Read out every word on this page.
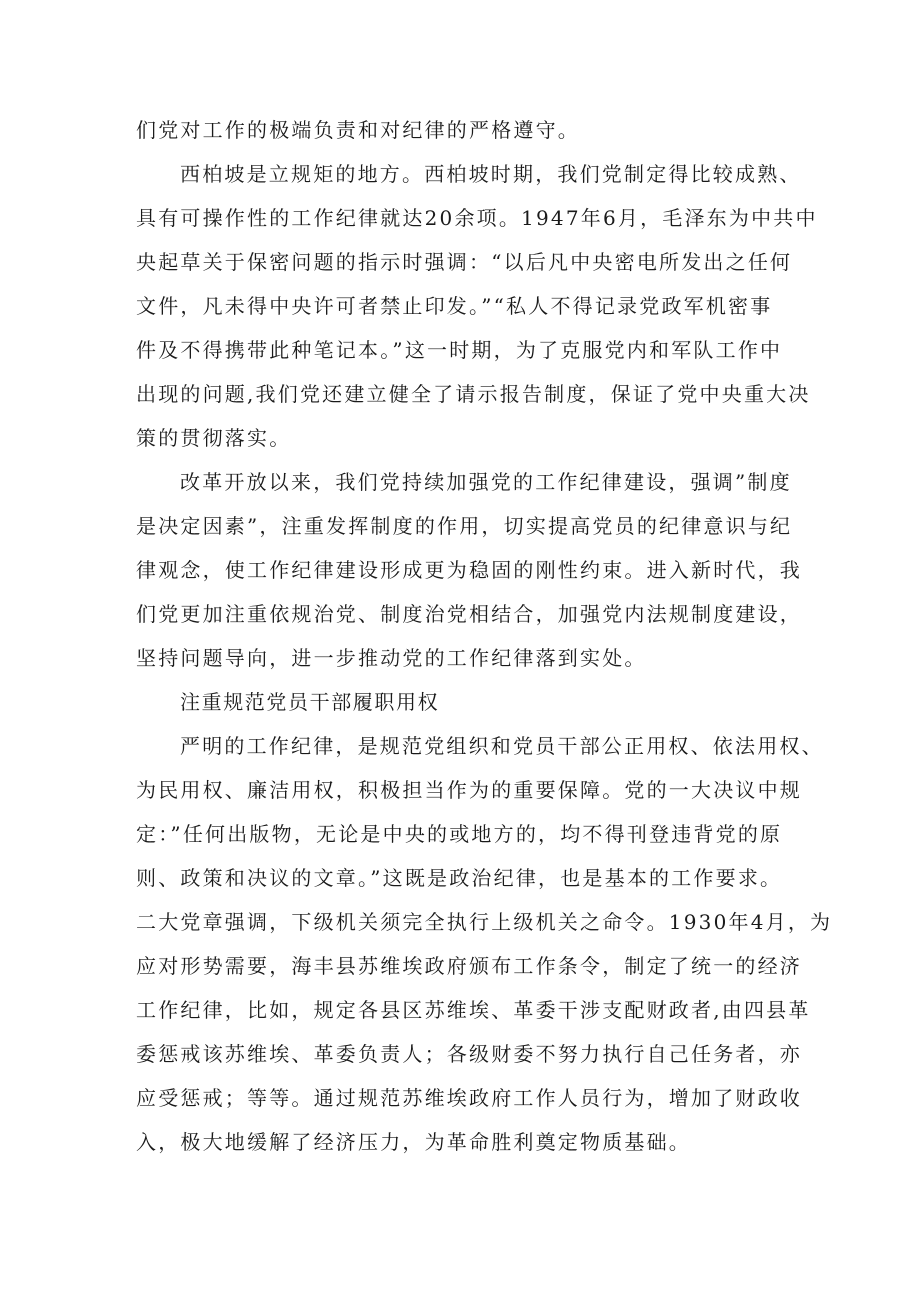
们党对工作的极端负责和对纪律的严格遵守。

西柏坡是立规矩的地方。西柏坡时期，我们党制定得比较成熟、

具有可操作性的工作纪律就达20余项。1947年6月，毛泽东为中共中

央起草关于保密问题的指示时强调：“以后凡中央密电所发出之任何

文件，凡未得中央许可者禁止印发。”“私人不得记录党政军机密事

件及不得携带此种笔记本。”这一时期，为了克服党内和军队工作中

出现的问题,我们党还建立健全了请示报告制度，保证了党中央重大决

策的贯彻落实。

改革开放以来，我们党持续加强党的工作纪律建设，强调”制度

是决定因素”，注重发挥制度的作用，切实提高党员的纪律意识与纪

律观念，使工作纪律建设形成更为稳固的刚性约束。进入新时代，我

们党更加注重依规治党、制度治党相结合，加强党内法规制度建设，

坚持问题导向，进一步推动党的工作纪律落到实处。

注重规范党员干部履职用权

严明的工作纪律，是规范党组织和党员干部公正用权、依法用权、

为民用权、廉洁用权，积极担当作为的重要保障。党的一大决议中规

定：”任何出版物，无论是中央的或地方的，均不得刊登违背党的原

则、政策和决议的文章。”这既是政治纪律，也是基本的工作要求。

二大党章强调，下级机关须完全执行上级机关之命令。1930年4月，为

应对形势需要，海丰县苏维埃政府颁布工作条令，制定了统一的经济

工作纪律，比如，规定各县区苏维埃、革委干涉支配财政者,由四县革

委惩戒该苏维埃、革委负责人；各级财委不努力执行自己任务者，亦

应受惩戒；等等。通过规范苏维埃政府工作人员行为，增加了财政收

入，极大地缓解了经济压力，为革命胜利奠定物质基础。
